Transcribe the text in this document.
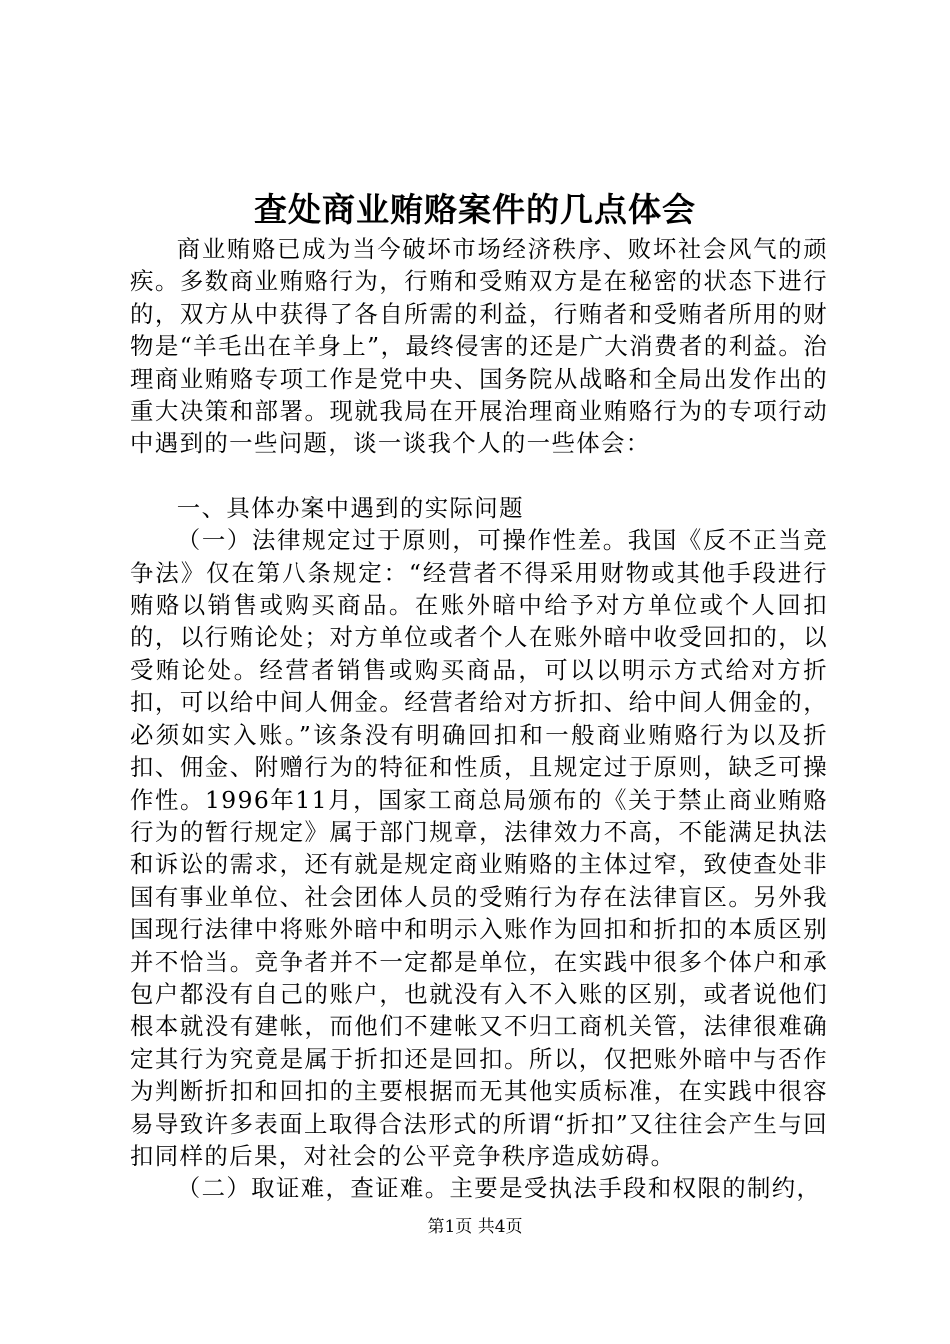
查处商业贿赂案件的几点体会

商业贿赂已成为当今破坏市场经济秩序、败坏社会风气的顽疾。多数商业贿赂行为，行贿和受贿双方是在秘密的状态下进行的，双方从中获得了各自所需的利益，行贿者和受贿者所用的财物是“羊毛出在羊身上”，最终侵害的还是广大消费者的利益。治理商业贿赂专项工作是党中央、国务院从战略和全局出发作出的重大决策和部署。现就我局在开展治理商业贿赂行为的专项行动中遇到的一些问题，谈一谈我个人的一些体会：

一、具体办案中遇到的实际问题

（一）法律规定过于原则，可操作性差。我国《反不正当竞争法》仅在第八条规定：“经营者不得采用财物或其他手段进行贿赂以销售或购买商品。在账外暗中给予对方单位或个人回扣的，以行贿论处；对方单位或者个人在账外暗中收受回扣的，以受贿论处。经营者销售或购买商品，可以以明示方式给对方折扣，可以给中间人佣金。经营者给对方折扣、给中间人佣金的，必须如实入账。”该条没有明确回扣和一般商业贿赂行为以及折扣、佣金、附赠行为的特征和性质，且规定过于原则，缺乏可操作性。1996年11月，国家工商总局颁布的《关于禁止商业贿赂行为的暂行规定》属于部门规章，法律效力不高，不能满足执法和诉讼的需求，还有就是规定商业贿赂的主体过窄，致使查处非国有事业单位、社会团体人员的受贿行为存在法律盲区。另外我国现行法律中将账外暗中和明示入账作为回扣和折扣的本质区别并不恰当。竞争者并不一定都是单位，在实践中很多个体户和承包户都没有自己的账户，也就没有入不入账的区别，或者说他们根本就没有建帐，而他们不建帐又不归工商机关管，法律很难确定其行为究竟是属于折扣还是回扣。所以，仅把账外暗中与否作为判断折扣和回扣的主要根据而无其他实质标准，在实践中很容易导致许多表面上取得合法形式的所谓“折扣”又往往会产生与回扣同样的后果，对社会的公平竞争秩序造成妨碍。

（二）取证难，查证难。主要是受执法手段和权限的制约，

第1页 共4页
